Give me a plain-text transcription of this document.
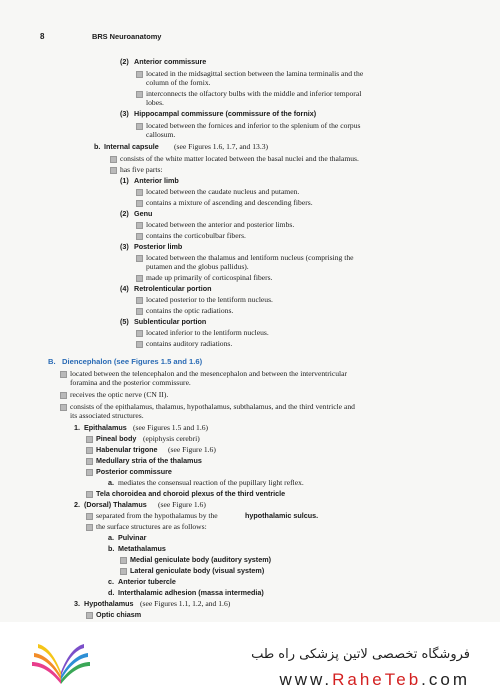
8	BRS Neuroanatomy
(2) Anterior commissure
located in the midsagittal section between the lamina terminalis and the
column of the fornix.
interconnects the olfactory bulbs with the middle and inferior temporal
lobes.
(3) Hippocampal commissure (commissure of the fornix)
located between the fornices and inferior to the splenium of the corpus
callosum.
b. Internal capsule (see Figures 1.6, 1.7, and 13.3)
consists of the white matter located between the basal nuclei and the thalamus.
has five parts:
(1) Anterior limb
located between the caudate nucleus and putamen.
contains a mixture of ascending and descending fibers.
(2) Genu
located between the anterior and posterior limbs.
contains the corticobulbar fibers.
(3) Posterior limb
located between the thalamus and lentiform nucleus (comprising the
putamen and the globus pallidus).
made up primarily of corticospinal fibers.
(4) Retrolenticular portion
located posterior to the lentiform nucleus.
contains the optic radiations.
(5) Sublenticular portion
located inferior to the lentiform nucleus.
contains auditory radiations.
B. Diencephalon (see Figures 1.5 and 1.6)
located between the telencephalon and the mesencephalon and between the interventricular
foramina and the posterior commissure.
receives the optic nerve (CN II).
consists of the epithalamus, thalamus, hypothalamus, subthalamus, and the third ventricle and
its associated structures.
1. Epithalamus (see Figures 1.5 and 1.6)
Pineal body (epiphysis cerebri)
Habenular trigone (see Figure 1.6)
Medullary stria of the thalamus
Posterior commissure
a. mediates the consensual reaction of the pupillary light reflex.
Tela choroidea and choroid plexus of the third ventricle
2. (Dorsal) Thalamus (see Figure 1.6)
separated from the hypothalamus by the	hypothalamic sulcus.
the surface structures are as follows:
a. Pulvinar
b. Metathalamus
Medial geniculate body (auditory system)
Lateral geniculate body (visual system)
c. Anterior tubercle
d. Interthalamic adhesion (massa intermedia)
3. Hypothalamus (see Figures 1.1, 1.2, and 1.6)
Optic chiasm
فروشگاه تخصصی لاتین پزشکی راه طب
www.RaheTeb.com
